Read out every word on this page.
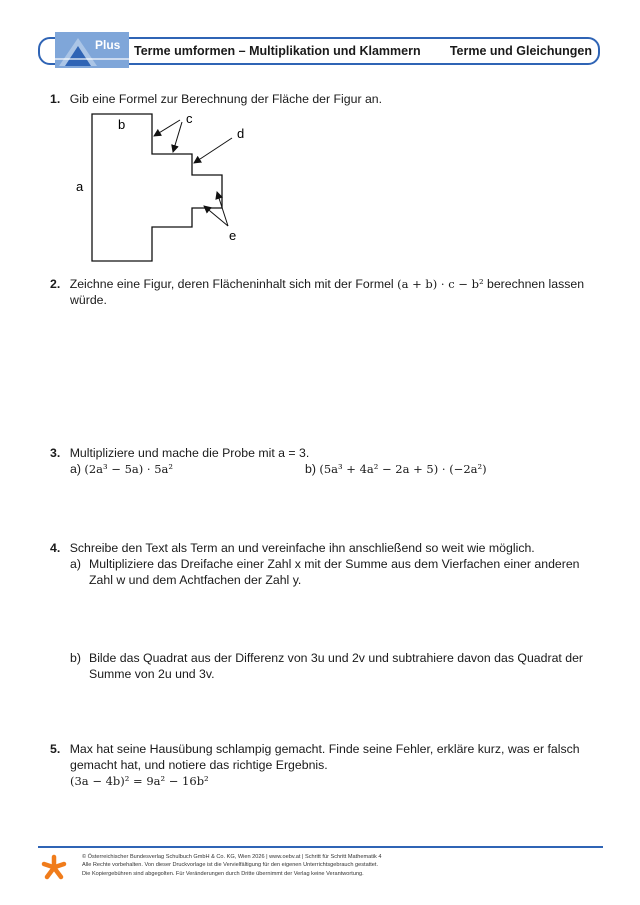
Plus Terme umformen – Multiplikation und Klammern Terme und Gleichungen
1. Gib eine Formel zur Berechnung der Fläche der Figur an.
b
a
c
d
e
2. Zeichne eine Figur, deren Flächeninhalt sich mit der Formel (a + b) · c − b² berechnen lassen
würde.
3. Multipliziere und mache die Probe mit a = 3.
a) (2a³ − 5a) · 5a²	b) (5a³ + 4a² − 2a + 5) · (−2a²)
4. Schreibe den Text als Term an und vereinfache ihn anschließend so weit wie möglich.
a) Multipliziere das Dreifache einer Zahl x mit der Summe aus dem Vierfachen einer anderen
Zahl w und dem Achtfachen der Zahl y.
b) Bilde das Quadrat aus der Differenz von 3u und 2v und subtrahiere davon das Quadrat der
Summe von 2u und 3v.
5. Max hat seine Hausübung schlampig gemacht. Finde seine Fehler, erkläre kurz, was er falsch
gemacht hat, und notiere das richtige Ergebnis.
(3a − 4b)² = 9a² − 16b²
© Österreichischer Bundesverlag Schulbuch GmbH & Co. KG, Wien 2026 | www.oebv.at | Schritt für Schritt Mathematik 4
Alle Rechte vorbehalten. Von dieser Druckvorlage ist die Vervielfältigung für den eigenen Unterrichtsgebrauch gestattet.
Die Kopiergebühren sind abgegolten. Für Veränderungen durch Dritte übernimmt der Verlag keine Verantwortung.
